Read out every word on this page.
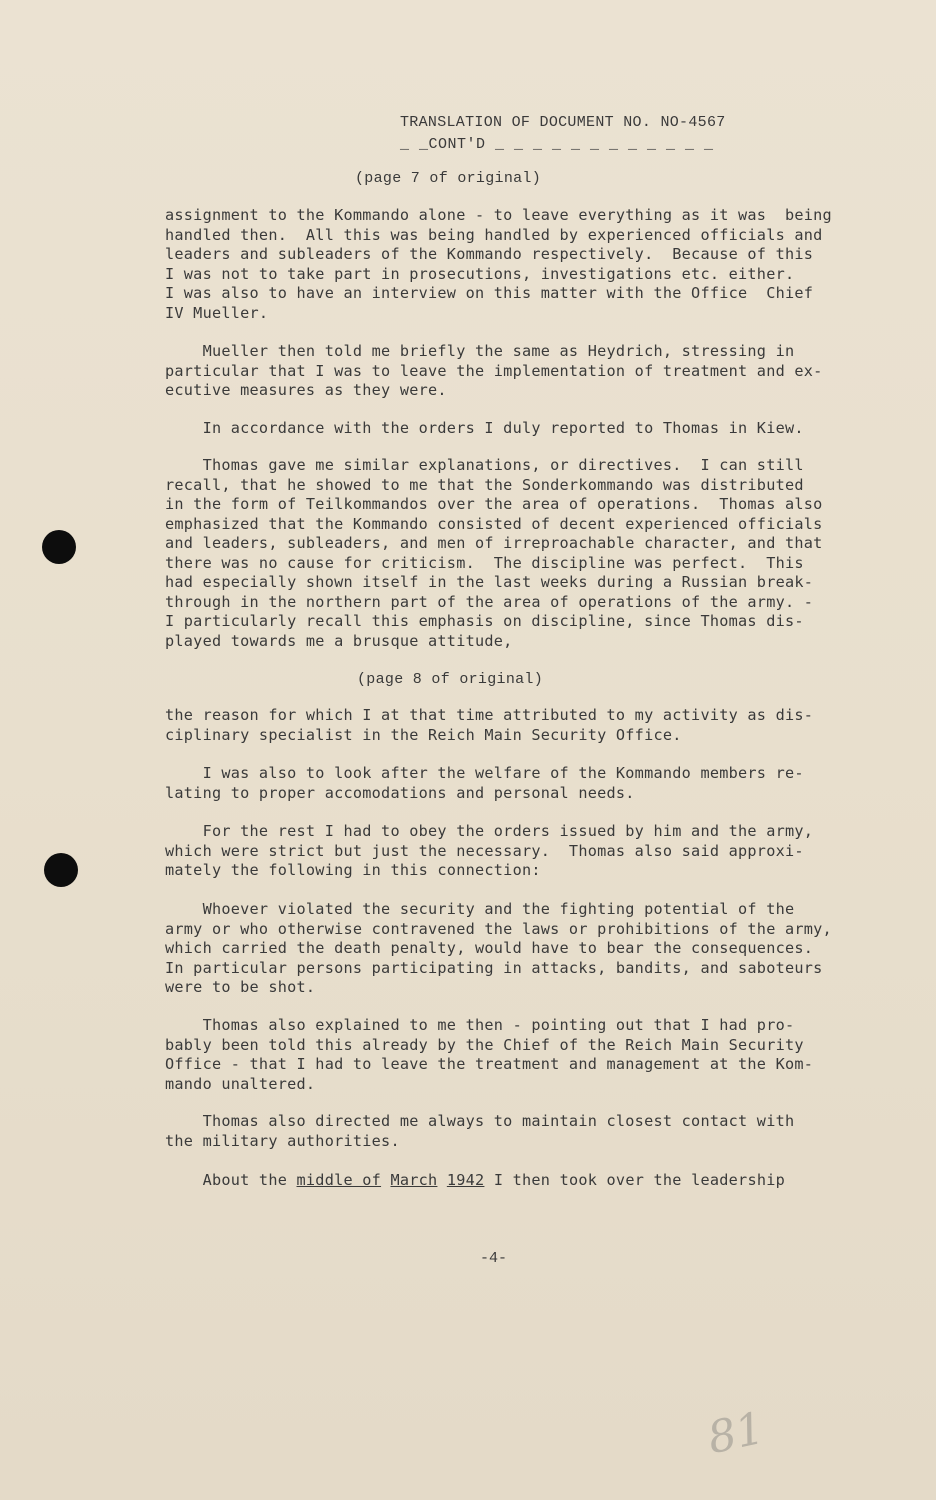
TRANSLATION OF DOCUMENT NO. NO-4567
_ _CONT'D _ _ _ _ _ _ _ _ _ _ _ _
(page 7 of original)
assignment to the Kommando alone - to leave everything as it was  being
handled then.  All this was being handled by experienced officials and
leaders and subleaders of the Kommando respectively.  Because of this
I was not to take part in prosecutions, investigations etc. either.
I was also to have an interview on this matter with the Office  Chief
IV Mueller.
Mueller then told me briefly the same as Heydrich, stressing in
particular that I was to leave the implementation of treatment and ex-
ecutive measures as they were.
In accordance with the orders I duly reported to Thomas in Kiew.
Thomas gave me similar explanations, or directives.  I can still
recall, that he showed to me that the Sonderkommando was distributed
in the form of Teilkommandos over the area of operations.  Thomas also
emphasized that the Kommando consisted of decent experienced officials
and leaders, subleaders, and men of irreproachable character, and that
there was no cause for criticism.  The discipline was perfect.  This
had especially shown itself in the last weeks during a Russian break-
through in the northern part of the area of operations of the army. -
I particularly recall this emphasis on discipline, since Thomas dis-
played towards me a brusque attitude,
(page 8 of original)
the reason for which I at that time attributed to my activity as dis-
ciplinary specialist in the Reich Main Security Office.
I was also to look after the welfare of the Kommando members re-
lating to proper accomodations and personal needs.
For the rest I had to obey the orders issued by him and the army,
which were strict but just the necessary.  Thomas also said approxi-
mately the following in this connection:
Whoever violated the security and the fighting potential of the
army or who otherwise contravened the laws or prohibitions of the army,
which carried the death penalty, would have to bear the consequences.
In particular persons participating in attacks, bandits, and saboteurs
were to be shot.
Thomas also explained to me then - pointing out that I had pro-
bably been told this already by the Chief of the Reich Main Security
Office - that I had to leave the treatment and management at the Kom-
mando unaltered.
Thomas also directed me always to maintain closest contact with
the military authorities.
About the middle of March 1942 I then took over the leadership
-4-
81
